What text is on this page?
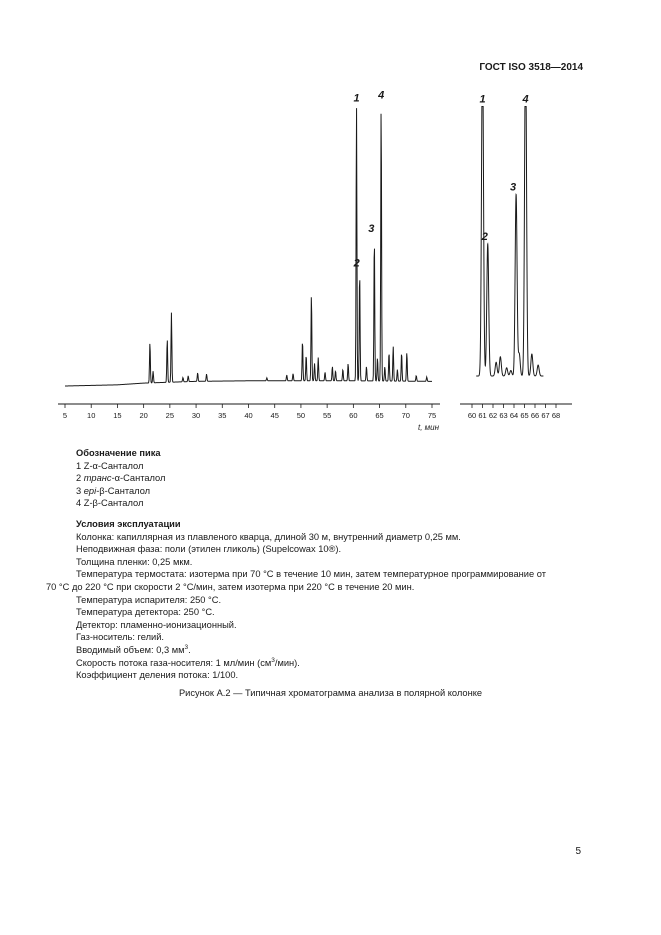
ГОСТ ISO 3518—2014
5	10 15 20 25 30 35 40 45 50 55 60 65 70 75
1
2
3
4
60 61 62 63 64 65 66 67 68
1
2
3
4
t, мин
Обозначение пика
1 Z-α-Санталол
2 транс-α-Санталол
3 epi-β-Санталол
4 Z-β-Санталол
Условия эксплуатации
Колонка: капиллярная из плавленого кварца, длиной 30 м, внутренний диаметр 0,25 мм.
Неподвижная фаза: поли (этилен гликоль) (Supelcowax 10®).
Толщина пленки: 0,25 мкм.
Температура термостата: изотерма при 70 °С в течение 10 мин, затем температурное программирование от
70 °С до 220 °С при скорости 2 °С/мин, затем изотерма при 220 °С в течение 20 мин.
Температура испарителя: 250 °С.
Температура детектора: 250 °С.
Детектор: пламенно-ионизационный.
Газ-носитель: гелий.
Вводимый объем: 0,3 $мм^3$.
Скорость потока газа-носителя: 1 мл/мин $(см^3/мин)$.
Коэффициент деления потока: 1/100.
Рисунок А.2 — Типичная хроматограмма анализа в полярной колонке
5
